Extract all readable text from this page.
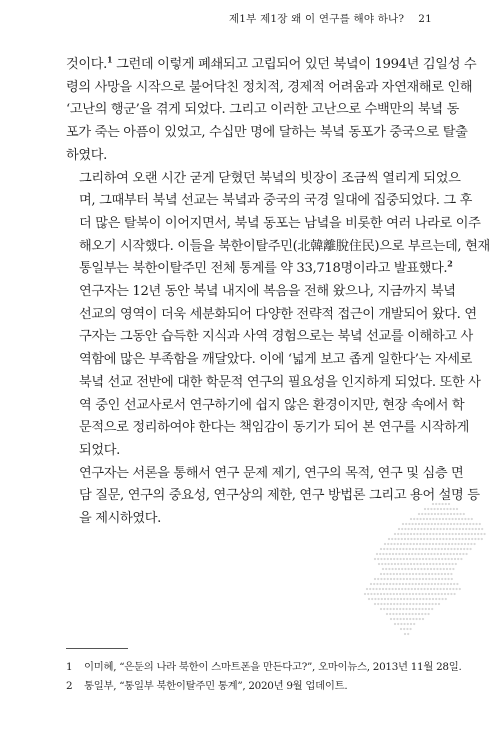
제1부 제1장 왜 이 연구를 해야 하나? 21

것이다.$^1$ 그런데 이렇게 폐쇄되고 고립되어 있던 북녘이 1994년 김일성 수
령의 사망을 시작으로 불어닥친 정치적, 경제적 어려움과 자연재해로 인해
‘고난의 행군’을 겪게 되었다. 그리고 이러한 고난으로 수백만의 북녘 동
포가 죽는 아픔이 있었고, 수십만 명에 달하는 북녘 동포가 중국으로 탈출
하였다.

그리하여 오랜 시간 굳게 닫혔던 북녘의 빗장이 조금씩 열리게 되었으
며, 그때부터 북녘 선교는 북녘과 중국의 국경 일대에 집중되었다. 그 후
더 많은 탈북이 이어지면서, 북녘 동포는 남녘을 비롯한 여러 나라로 이주
해오기 시작했다. 이들을 북한이탈주민(北韓離脫住民)으로 부르는데, 현재
통일부는 북한이탈주민 전체 통계를 약 33,718명이라고 발표했다.$^2$

연구자는 12년 동안 북녘 내지에 복음을 전해 왔으나, 지금까지 북녘
선교의 영역이 더욱 세분화되어 다양한 전략적 접근이 개발되어 왔다. 연
구자는 그동안 습득한 지식과 사역 경험으로는 북녘 선교를 이해하고 사
역함에 많은 부족함을 깨달았다. 이에 ‘넓게 보고 좁게 일한다’는 자세로
북녘 선교 전반에 대한 학문적 연구의 필요성을 인지하게 되었다. 또한 사
역 중인 선교사로서 연구하기에 쉽지 않은 환경이지만, 현장 속에서 학
문적으로 정리하여야 한다는 책임감이 동기가 되어 본 연구를 시작하게
되었다.

연구자는 서론을 통해서 연구 문제 제기, 연구의 목적, 연구 및 심층 면
담 질문, 연구의 중요성, 연구상의 제한, 연구 방법론 그리고 용어 설명 등
을 제시하였다.

1	이미혜, “은둔의 나라 북한이 스마트폰을 만든다고?”, 오마이뉴스, 2013년 11월 28일.
2	통일부, “통일부 북한이탈주민 통계”, 2020년 9월 업데이트.
